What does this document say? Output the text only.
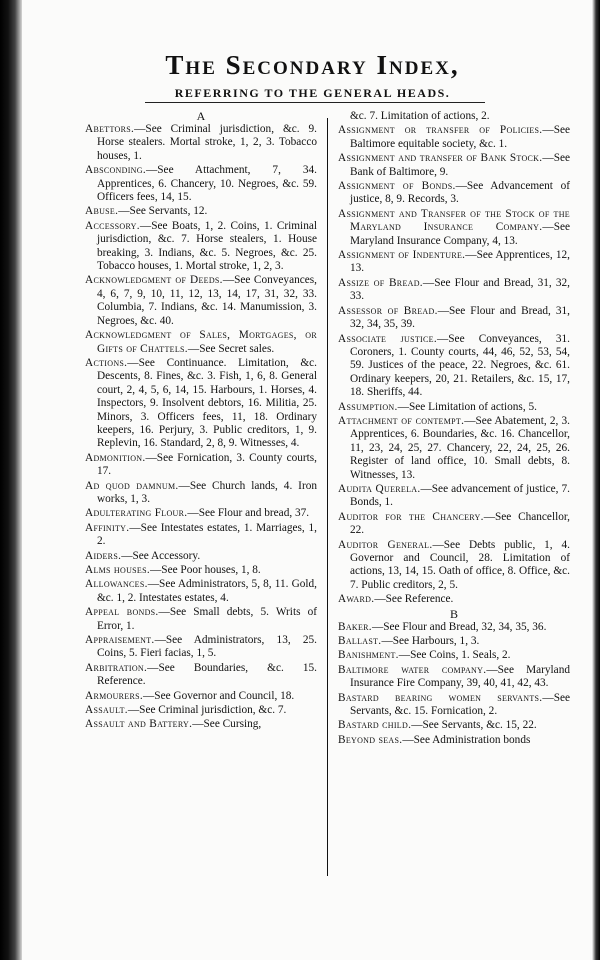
The Secondary Index,
REFERRING TO THE GENERAL HEADS.

A

Abettors.—See Criminal jurisdiction, &c. 9. Horse stealers. Mortal stroke, 1, 2, 3. Tobacco houses, 1.

Absconding.—See Attachment, 7, 34. Apprentices, 6. Chancery, 10. Negroes, &c. 59. Officers fees, 14, 15.

Abuse.—See Servants, 12.

Accessory.—See Boats, 1, 2. Coins, 1. Criminal jurisdiction, &c. 7. Horse stealers, 1. House breaking, 3. Indians, &c. 5. Negroes, &c. 25. Tobacco houses, 1. Mortal stroke, 1, 2, 3.

Acknowledgment of Deeds.—See Conveyances, 4, 6, 7, 9, 10, 11, 12, 13, 14, 17, 31, 32, 33. Columbia, 7. Indians, &c. 14. Manumission, 3. Negroes, &c. 40.

Acknowledgment of Sales, Mortgages, or Gifts of Chattels.—See Secret sales.

Actions.—See Continuance. Limitation, &c. Descents, 8. Fines, &c. 3. Fish, 1, 6, 8. General court, 2, 4, 5, 6, 14, 15. Harbours, 1. Horses, 4. Inspectors, 9. Insolvent debtors, 16. Militia, 25. Minors, 3. Officers fees, 11, 18. Ordinary keepers, 16. Perjury, 3. Public creditors, 1, 9. Replevin, 16. Standard, 2, 8, 9. Witnesses, 4.

Admonition.—See Fornication, 3. County courts, 17.

Ad quod damnum.—See Church lands, 4. Iron works, 1, 3.

Adulterating Flour.—See Flour and bread, 37.

Affinity.—See Intestates estates, 1. Marriages, 1, 2.

Aiders.—See Accessory.

Alms houses.—See Poor houses, 1, 8.

Allowances.—See Administrators, 5, 8, 11. Gold, &c. 1, 2. Intestates estates, 4.

Appeal bonds.—See Small debts, 5. Writs of Error, 1.

Appraisement.—See Administrators, 13, 25. Coins, 5. Fieri facias, 1, 5.

Arbitration.—See Boundaries, &c. 15. Reference.

Armourers.—See Governor and Council, 18.

Assault.—See Criminal jurisdiction, &c. 7.

Assault and Battery.—See Cursing,

&c. 7. Limitation of actions, 2.

Assignment or transfer of Policies.—See Baltimore equitable society, &c. 1.

Assignment and transfer of Bank Stock.—See Bank of Baltimore, 9.

Assignment of Bonds.—See Advancement of justice, 8, 9. Records, 3.

Assignment and Transfer of the Stock of the Maryland Insurance Company.—See Maryland Insurance Company, 4, 13.

Assignment of Indenture.—See Apprentices, 12, 13.

Assize of Bread.—See Flour and Bread, 31, 32, 33.

Assessor of Bread.—See Flour and Bread, 31, 32, 34, 35, 39.

Associate justice.—See Conveyances, 31. Coroners, 1. County courts, 44, 46, 52, 53, 54, 59. Justices of the peace, 22. Negroes, &c. 61. Ordinary keepers, 20, 21. Retailers, &c. 15, 17, 18. Sheriffs, 44.

Assumption.—See Limitation of actions, 5.

Attachment of contempt.—See Abatement, 2, 3. Apprentices, 6. Boundaries, &c. 16. Chancellor, 11, 23, 24, 25, 27. Chancery, 22, 24, 25, 26. Register of land office, 10. Small debts, 8. Witnesses, 13.

Audita Querela.—See advancement of justice, 7. Bonds, 1.

Auditor for the Chancery.—See Chancellor, 22.

Auditor General.—See Debts public, 1, 4. Governor and Council, 28. Limitation of actions, 13, 14, 15. Oath of office, 8. Office, &c. 7. Public creditors, 2, 5.

Award.—See Reference.

B

Baker.—See Flour and Bread, 32, 34, 35, 36.

Ballast.—See Harbours, 1, 3.

Banishment.—See Coins, 1. Seals, 2.

Baltimore water company.—See Maryland Insurance Fire Company, 39, 40, 41, 42, 43.

Bastard bearing women servants.—See Servants, &c. 15. Fornication, 2.

Bastard child.—See Servants, &c. 15, 22.

Beyond seas.—See Administration bonds
